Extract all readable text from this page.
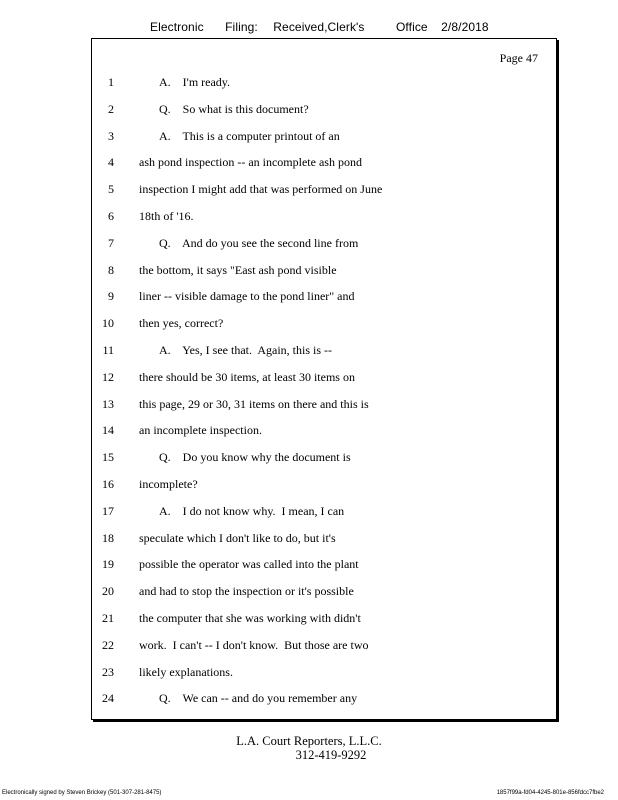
Electronic Filing: Received,Clerk's	Office 2/8/2018
Page 47
1	A.    I'm ready.
2	Q.    So what is this document?
3	A.    This is a computer printout of an
4 ash pond inspection -- an incomplete ash pond
5 inspection I might add that was performed on June
6 18th of '16.
7	Q.    And do you see the second line from
8 the bottom, it says "East ash pond visible
9 liner -- visible damage to the pond liner" and
10 then yes, correct?
11	A.    Yes, I see that.  Again, this is --
12 there should be 30 items, at least 30 items on
13 this page, 29 or 30, 31 items on there and this is
14 an incomplete inspection.
15	Q.    Do you know why the document is
16 incomplete?
17	A.    I do not know why.  I mean, I can
18 speculate which I don't like to do, but it's
19 possible the operator was called into the plant
20 and had to stop the inspection or it's possible
21 the computer that she was working with didn't
22 work.  I can't -- I don't know.  But those are two
23 likely explanations.
24	Q.    We can -- and do you remember any
L.A. Court Reporters, L.L.C.
312-419-9292
Electronically signed by Steven Brickey (501-307-281-8475)	1857f99a-fd04-4245-801e-856fdcc7fbe2
